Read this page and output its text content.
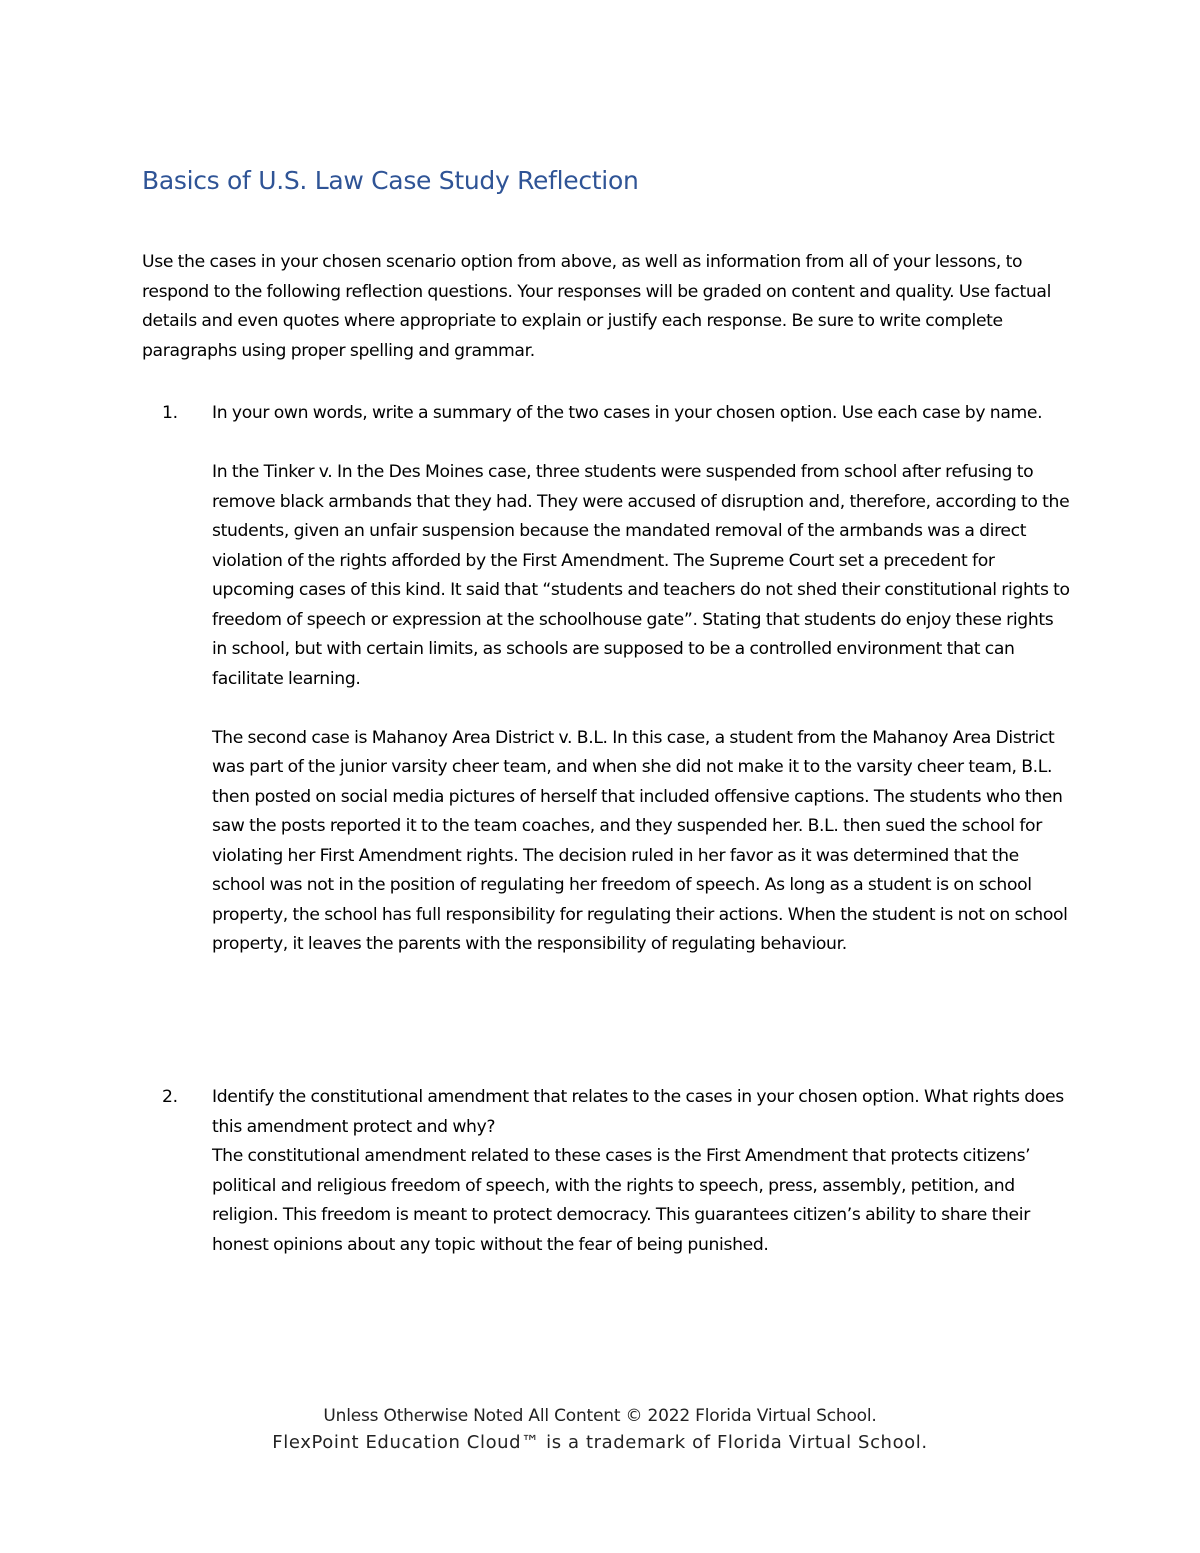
Basics of U.S. Law Case Study Reflection

Use the cases in your chosen scenario option from above, as well as information from all of your lessons, to respond to the following reflection questions. Your responses will be graded on content and quality. Use factual details and even quotes where appropriate to explain or justify each response. Be sure to write complete paragraphs using proper spelling and grammar.

1. In your own words, write a summary of the two cases in your chosen option. Use each case by name.

In the Tinker v. In the Des Moines case, three students were suspended from school after refusing to remove black armbands that they had. They were accused of disruption and, therefore, according to the students, given an unfair suspension because the mandated removal of the armbands was a direct violation of the rights afforded by the First Amendment. The Supreme Court set a precedent for upcoming cases of this kind. It said that “students and teachers do not shed their constitutional rights to freedom of speech or expression at the schoolhouse gate”. Stating that students do enjoy these rights in school, but with certain limits, as schools are supposed to be a controlled environment that can facilitate learning.

The second case is Mahanoy Area District v. B.L. In this case, a student from the Mahanoy Area District was part of the junior varsity cheer team, and when she did not make it to the varsity cheer team, B.L. then posted on social media pictures of herself that included offensive captions. The students who then saw the posts reported it to the team coaches, and they suspended her. B.L. then sued the school for violating her First Amendment rights. The decision ruled in her favor as it was determined that the school was not in the position of regulating her freedom of speech. As long as a student is on school property, the school has full responsibility for regulating their actions. When the student is not on school property, it leaves the parents with the responsibility of regulating behaviour.

2. Identify the constitutional amendment that relates to the cases in your chosen option. What rights does this amendment protect and why?

The constitutional amendment related to these cases is the First Amendment that protects citizens’ political and religious freedom of speech, with the rights to speech, press, assembly, petition, and religion. This freedom is meant to protect democracy. This guarantees citizen’s ability to share their honest opinions about any topic without the fear of being punished.

Unless Otherwise Noted All Content © 2022 Florida Virtual School.
FlexPoint Education Cloud™ is a trademark of Florida Virtual School.
